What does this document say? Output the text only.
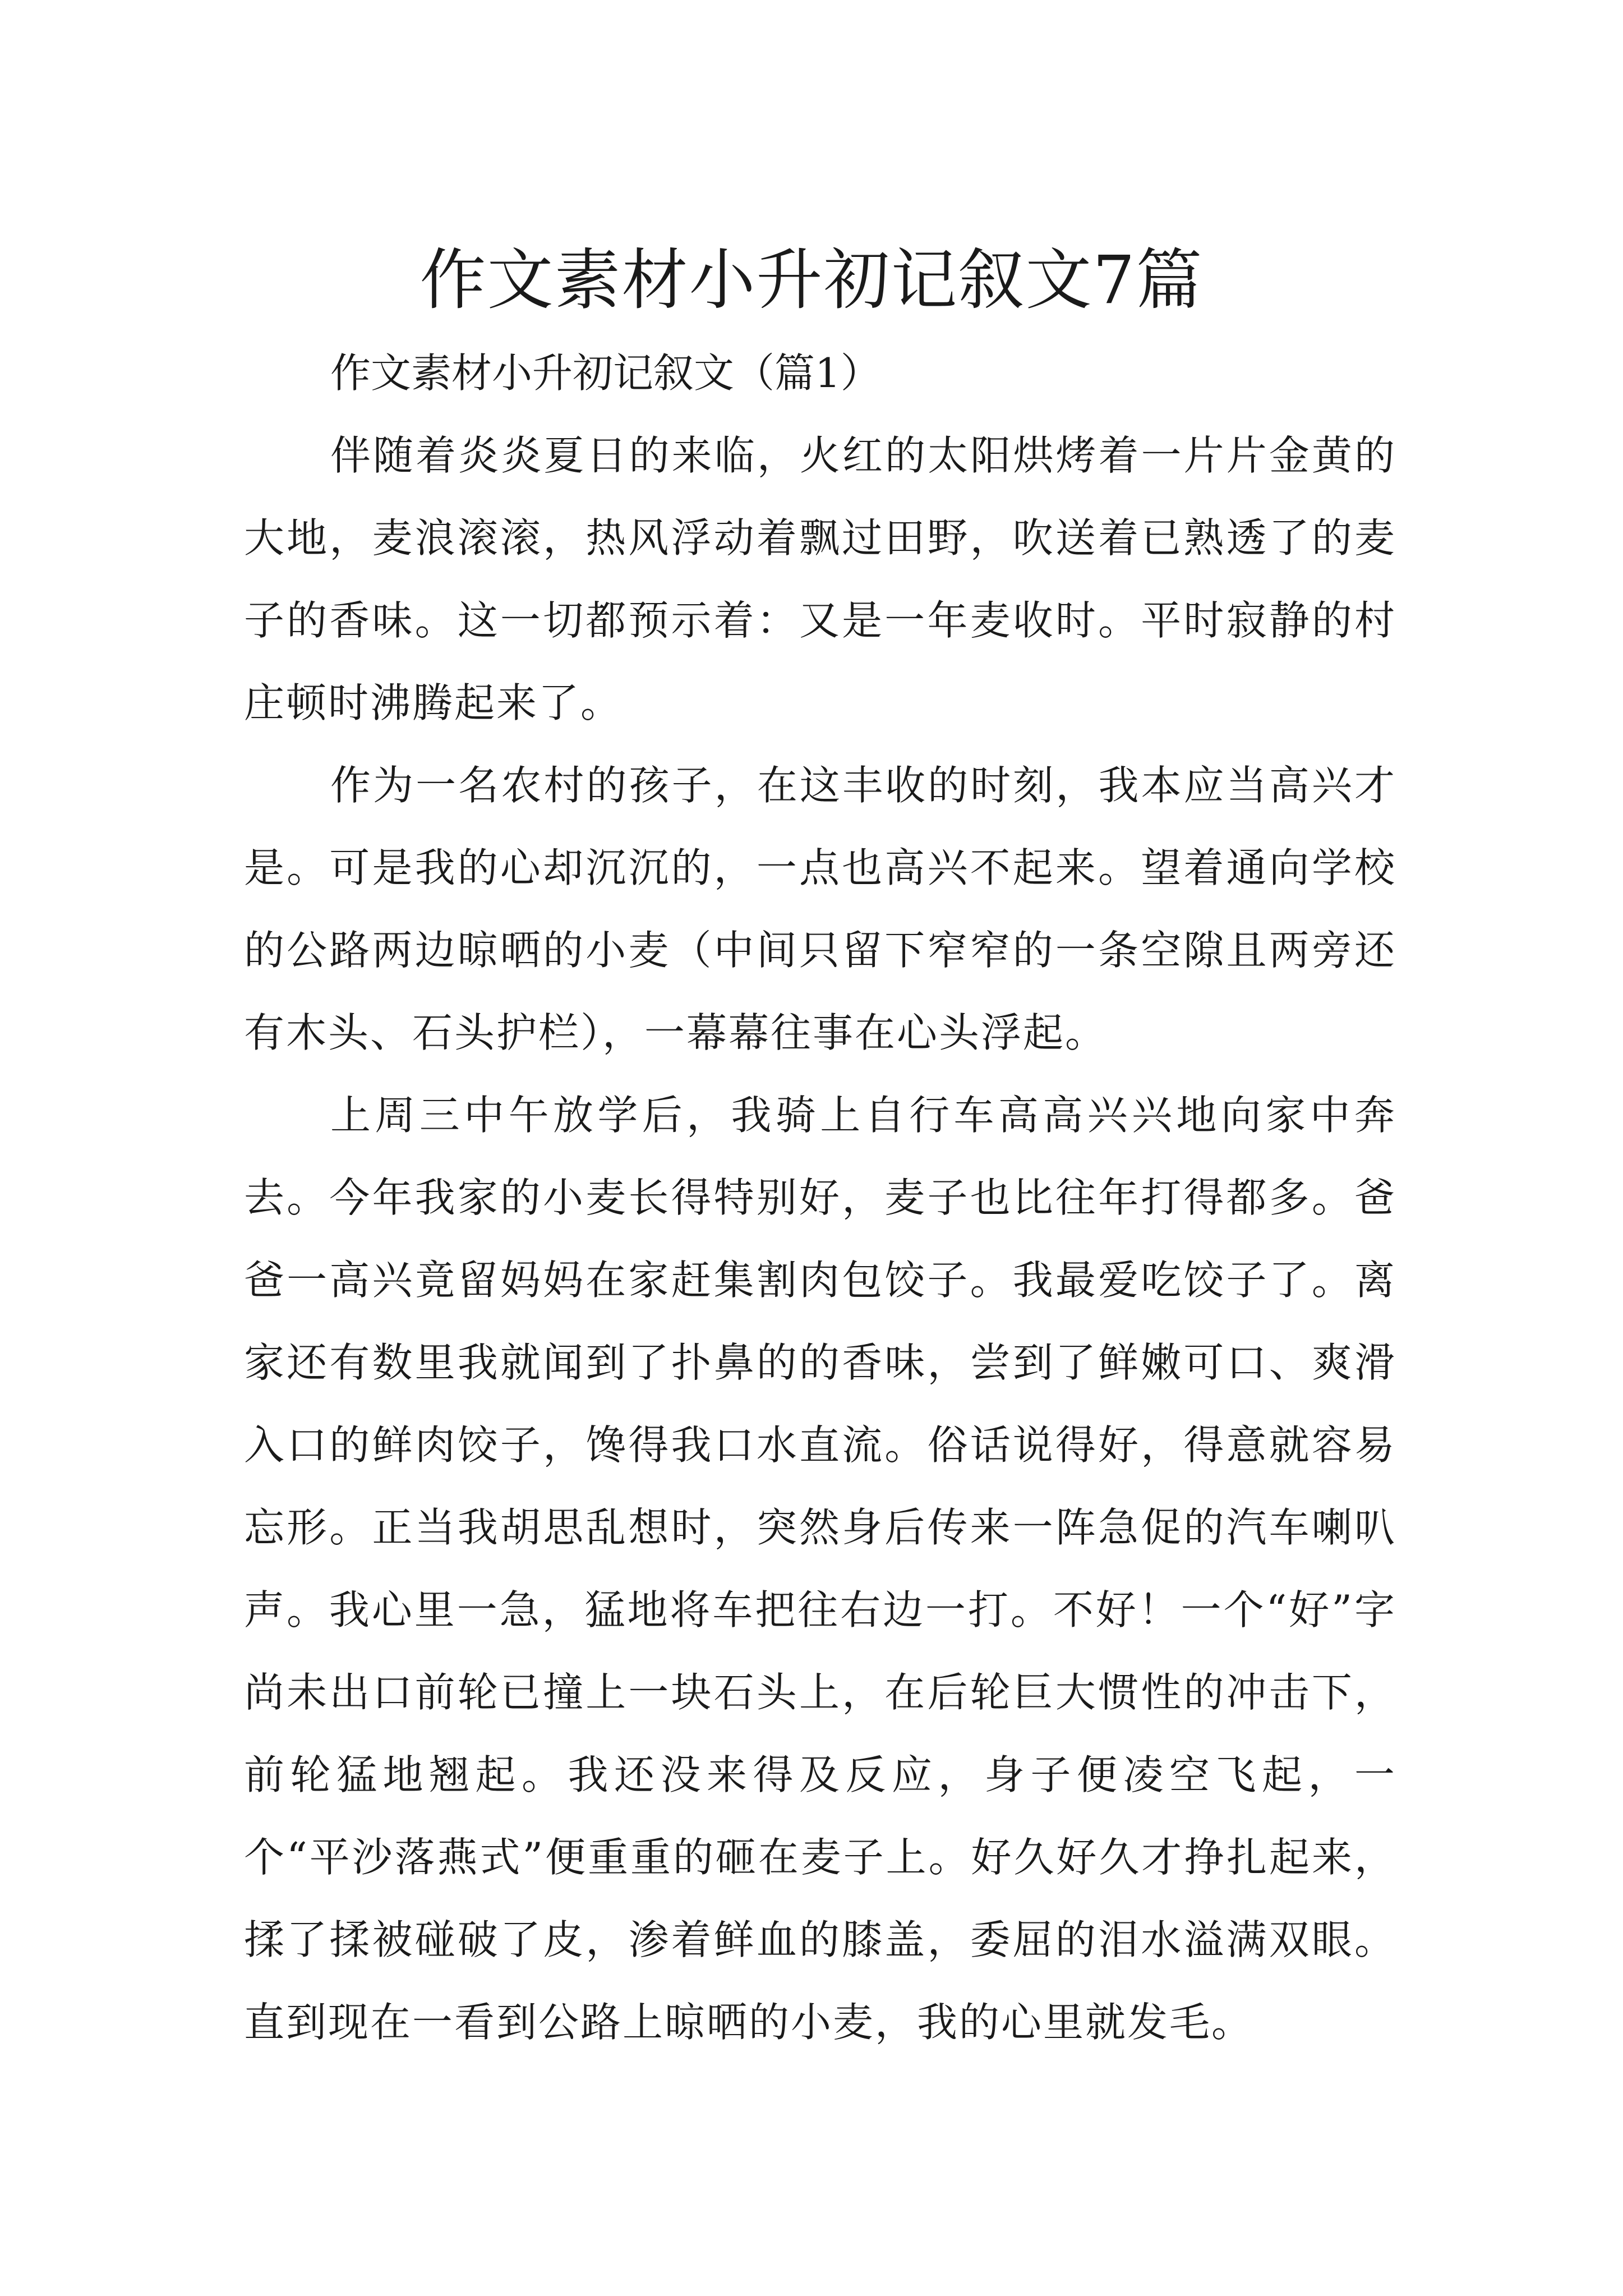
作文素材小升初记叙文7篇

作文素材小升初记叙文（篇1）

伴随着炎炎夏日的来临，火红的太阳烘烤着一片片金黄的大地，麦浪滚滚，热风浮动着飘过田野，吹送着已熟透了的麦子的香味。这一切都预示着：又是一年麦收时。平时寂静的村庄顿时沸腾起来了。

作为一名农村的孩子，在这丰收的时刻，我本应当高兴才是。可是我的心却沉沉的，一点也高兴不起来。望着通向学校的公路两边晾晒的小麦（中间只留下窄窄的一条空隙且两旁还有木头、石头护栏），一幕幕往事在心头浮起。

上周三中午放学后，我骑上自行车高高兴兴地向家中奔去。今年我家的小麦长得特别好，麦子也比往年打得都多。爸爸一高兴竟留妈妈在家赶集割肉包饺子。我最爱吃饺子了。离家还有数里我就闻到了扑鼻的的香味，尝到了鲜嫩可口、爽滑入口的鲜肉饺子，馋得我口水直流。俗话说得好，得意就容易忘形。正当我胡思乱想时，突然身后传来一阵急促的汽车喇叭声。我心里一急，猛地将车把往右边一打。不好！一个“好”字尚未出口前轮已撞上一块石头上，在后轮巨大惯性的冲击下，前轮猛地翘起。我还没来得及反应，身子便凌空飞起，一个“平沙落燕式”便重重的砸在麦子上。好久好久才挣扎起来，揉了揉被碰破了皮，渗着鲜血的膝盖，委屈的泪水溢满双眼。直到现在一看到公路上晾晒的小麦，我的心里就发毛。
